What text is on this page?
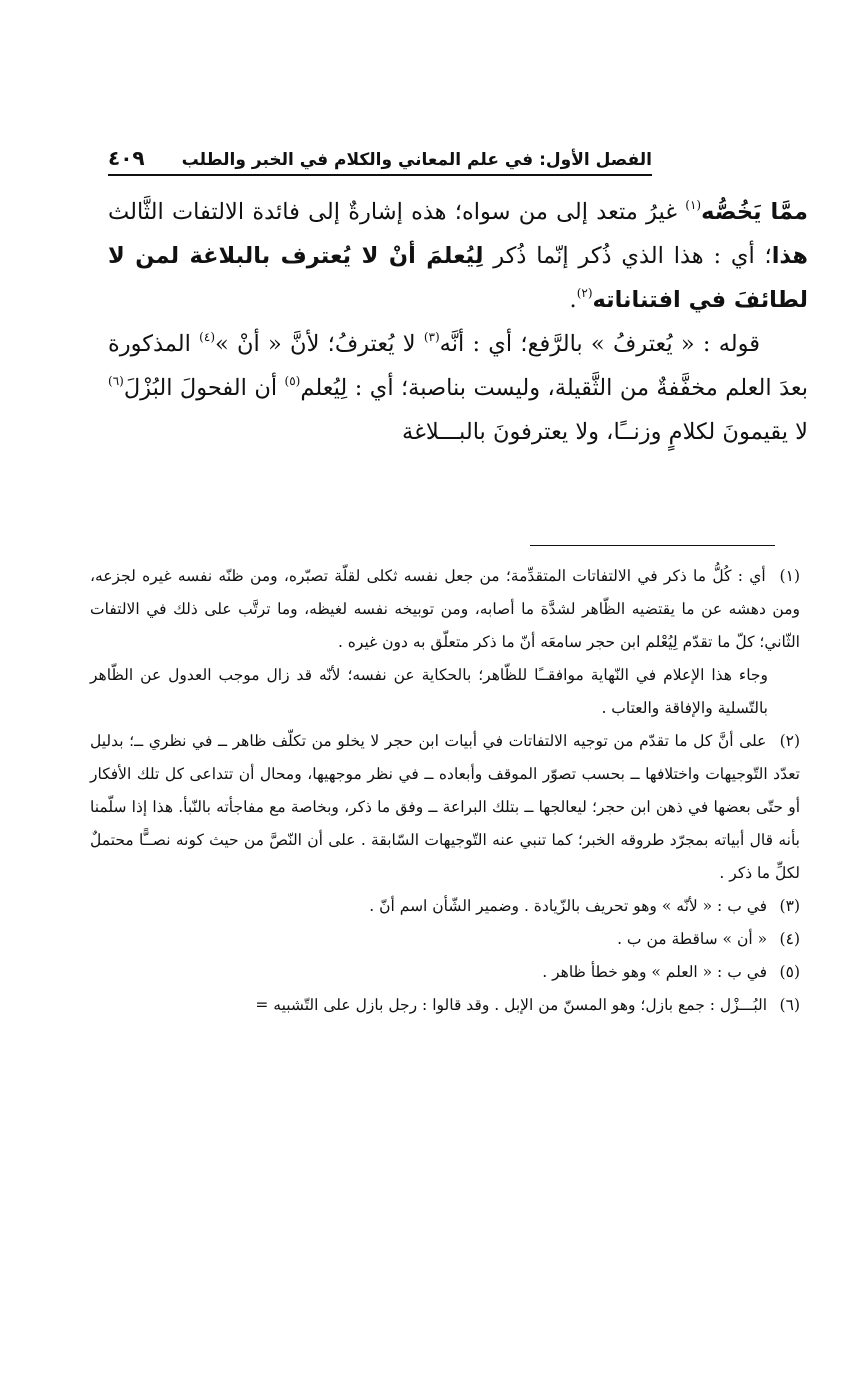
الفصل الأول: في علم المعاني والكلام في الخبر والطلب
٤٠٩

ممَّا يَخُصُّه$^{(١)}$ غيرُ متعد إلى من سواه؛ هذه إشارةٌ إلى فائدة الالتفات الثَّالث هذا؛ أي : هذا الذي ذُكر إنّما ذُكر لِيُعلمَ أنْ لا يُعترف بالبلاغة لمن لا لطائفَ في افتناناته$^{(٢)}$.

قوله : « يُعترفُ » بالرَّفع؛ أي : أنَّه$^{(٣)}$ لا يُعترفُ؛ لأنَّ « أنْ »$^{(٤)}$ المذكورة بعدَ العلم مخفَّفةٌ من الثَّقيلة، وليست بناصبة؛ أي : لِيُعلم$^{(٥)}$ أن الفحولَ البُزْلَ$^{(٦)}$ لا يقيمونَ لكلامٍ وزنــًا، ولا يعترفونَ بالبـــلاغة

(١) أي : كُلُّ ما ذكر في الالتفاتات المتقدِّمة؛ من جعل نفسه ثكلى لقلّة تصبّره، ومن ظنّه نفسه غيره لجزعه، ومن دهشه عن ما يقتضيه الظّاهر لشدَّة ما أصابه، ومن توبيخه نفسه لغيظه، وما ترتَّب على ذلك في الالتفات الثّاني؛ كلّ ما تقدّم لِيُعْلم ابن حجر سامعَه أنّ ما ذكر متعلّق به دون غيره .

وجاء هذا الإعلام في النّهاية موافقــًا للظّاهر؛ بالحكاية عن نفسه؛ لأنّه قد زال موجب العدول عن الظّاهر بالتّسلية والإفاقة والعتاب .

(٢) على أنَّ كل ما تقدّم من توجيه الالتفاتات في أبيات ابن حجر لا يخلو من تكلّف ظاهر ــ في نظري ــ؛ بدليل تعدّد التّوجيهات واختلافها ــ بحسب تصوّر الموقف وأبعاده ــ في نظر موجهيها، ومحال أن تتداعى كل تلك الأفكار أو حتّى بعضها في ذهن ابن حجر؛ ليعالجها ــ بتلك البراعة ــ وفق ما ذكر، وبخاصة مع مفاجأته بالنّبأ. هذا إذا سلّمنا بأنه قال أبياته بمجرّد طروقه الخبر؛ كما تنبي عنه التّوجيهات السّابقة . على أن النّصَّ من حيث كونه نصــًّا محتملٌ لكلِّ ما ذكر .

(٣) في ب : « لأنّه » وهو تحريف بالزّيادة . وضمير الشّأن اسم أنّ .

(٤) « أن » ساقطة من ب .

(٥) في ب : « العلم » وهو خطأ ظاهر .

(٦) البُـــزْل : جمع بازل؛ وهو المسنّ من الإبل . وقد قالوا : رجل بازل على التّشبيه =
